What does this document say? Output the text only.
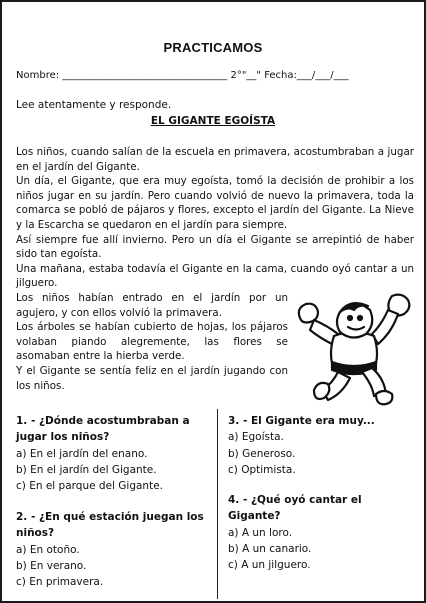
PRACTICAMOS
Nombre: _________________________________ 2°"__" Fecha:___/___/___
Lee atentamente y responde.
EL GIGANTE EGOÍSTA

Los niños, cuando salían de la escuela en primavera, acostumbraban a jugar en el jardín del Gigante.

Un día, el Gigante, que era muy egoísta, tomó la decisión de prohibir a los niños jugar en su jardín. Pero cuando volvió de nuevo la primavera, toda la comarca se pobló de pájaros y flores, excepto el jardín del Gigante. La Nieve y la Escarcha se quedaron en el jardín para siempre.

Así siempre fue allí invierno. Pero un día el Gigante se arrepintió de haber sido tan egoísta.

Una mañana, estaba todavía el Gigante en la cama, cuando oyó cantar a un jilguero.

Los niños habían entrado en el jardín por un agujero, y con ellos volvió la primavera.

Los árboles se habían cubierto de hojas, los pájaros volaban piando alegremente, las flores se asomaban entre la hierba verde.

Y el Gigante se sentía feliz en el jardín jugando con los niños.

1. - ¿Dónde acostumbraban a jugar los niños?
a) En el jardín del enano.
b) En el jardín del Gigante.
c) En el parque del Gigante.
2. - ¿En qué estación juegan los niños?
a) En otoño.
b) En verano.
c) En primavera.
3. - El Gigante era muy...
a) Egoísta.
b) Generoso.
c) Optimista.
4. - ¿Qué oyó cantar el Gigante?
a) A un loro.
b) A un canario.
c) A un jilguero.
